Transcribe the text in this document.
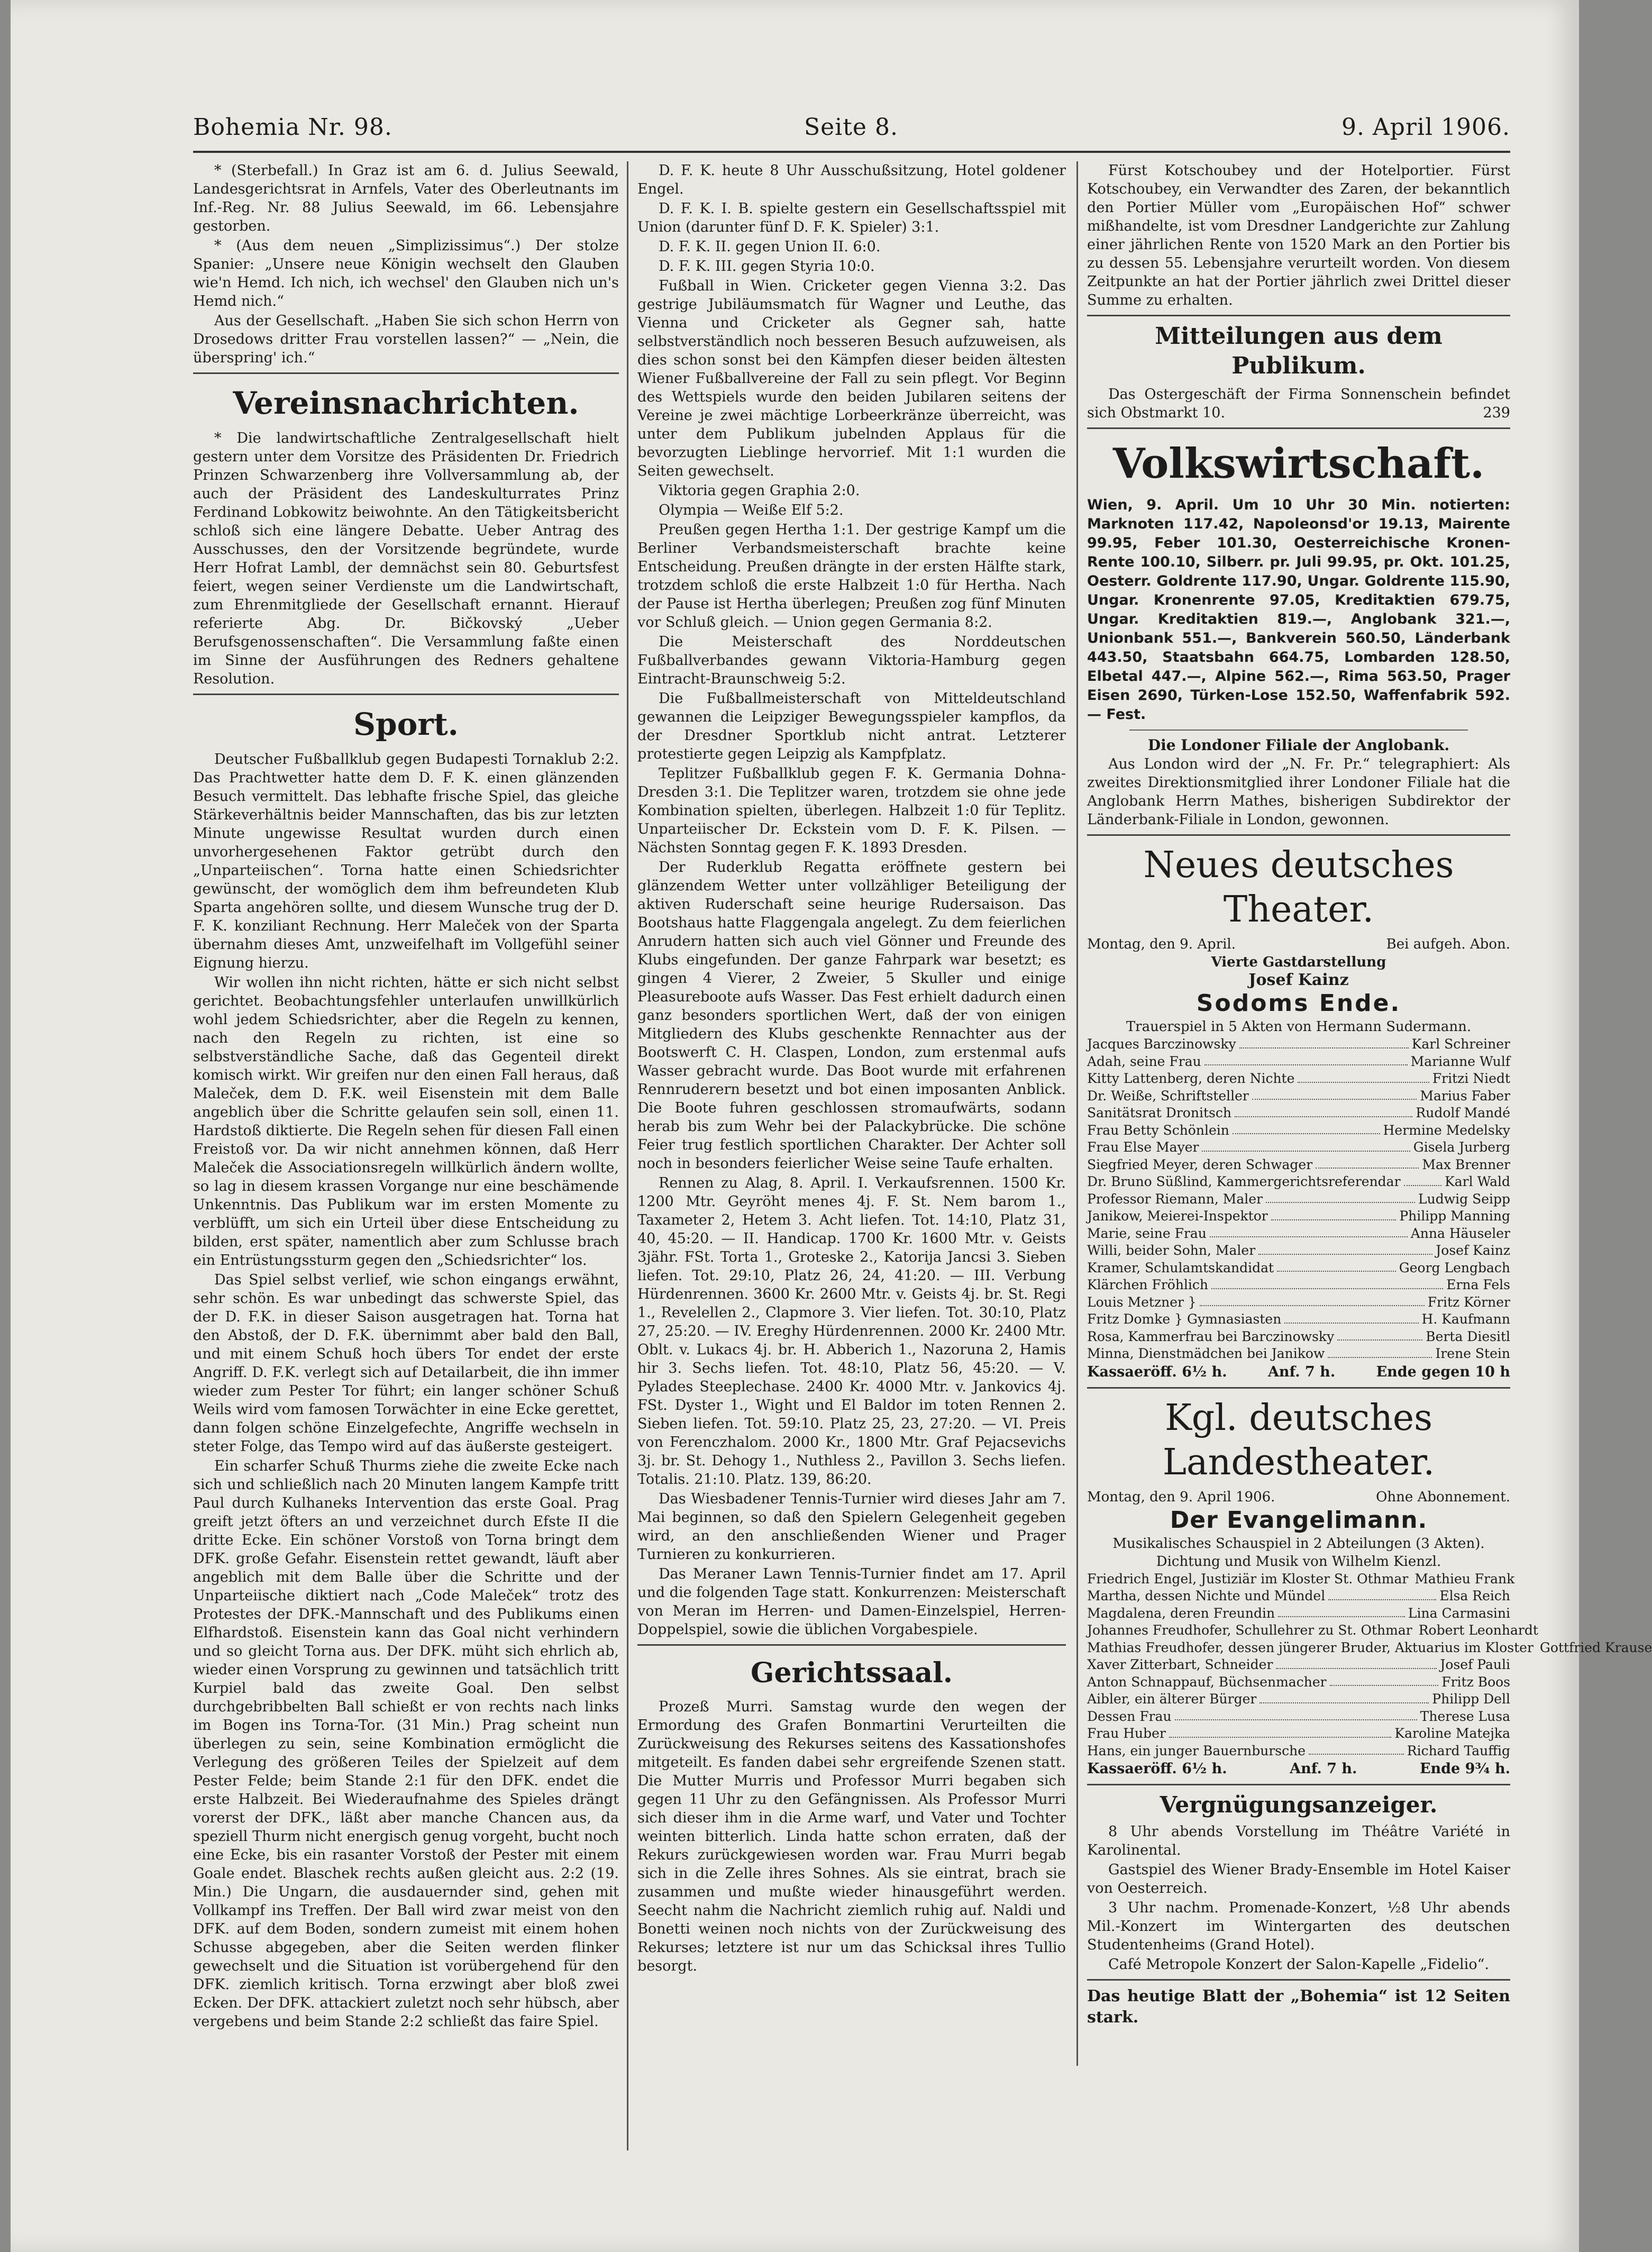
Bohemia Nr. 98.	Seite 8.	9. April 1906.

* (Sterbefall.) In Graz ist am 6. d. Julius Seewald, Landesgerichtsrat in Arnfels, Vater des Oberleutnants im Inf.-Reg. Nr. 88 Julius Seewald, im 66. Lebensjahre gestorben.

* (Aus dem neuen „Simplizissimus“.) Der stolze Spanier: „Unsere neue Königin wechselt den Glauben wie'n Hemd. Ich nich, ich wechsel' den Glauben nich un's Hemd nich.“

Aus der Gesellschaft. „Haben Sie sich schon Herrn von Drosedows dritter Frau vorstellen lassen?“ — „Nein, die überspring' ich.“

Vereinsnachrichten.

* Die landwirtschaftliche Zentralgesellschaft hielt gestern unter dem Vorsitze des Präsidenten Dr. Friedrich Prinzen Schwarzenberg ihre Vollversammlung ab, der auch der Präsident des Landeskulturrates Prinz Ferdinand Lobkowitz beiwohnte. An den Tätigkeitsbericht schloß sich eine längere Debatte. Ueber Antrag des Ausschusses, den der Vorsitzende begründete, wurde Herr Hofrat Lambl, der demnächst sein 80. Geburtsfest feiert, wegen seiner Verdienste um die Landwirtschaft, zum Ehrenmitgliede der Gesellschaft ernannt. Hierauf referierte Abg. Dr. Bičkovský „Ueber Berufsgenossenschaften“. Die Versammlung faßte einen im Sinne der Ausführungen des Redners gehaltene Resolution.

Sport.

Deutscher Fußballklub gegen Budapesti Tornaklub 2:2. Das Prachtwetter hatte dem D. F. K. einen glänzenden Besuch vermittelt. Das lebhafte frische Spiel, das gleiche Stärkeverhältnis beider Mannschaften, das bis zur letzten Minute ungewisse Resultat wurden durch einen unvorhergesehenen Faktor getrübt durch den „Unparteiischen“. Torna hatte einen Schiedsrichter gewünscht, der womöglich dem ihm befreundeten Klub Sparta angehören sollte, und diesem Wunsche trug der D. F. K. konziliant Rechnung. Herr Maleček von der Sparta übernahm dieses Amt, unzweifelhaft im Vollgefühl seiner Eignung hierzu.

Wir wollen ihn nicht richten, hätte er sich nicht selbst gerichtet. Beobachtungsfehler unterlaufen unwillkürlich wohl jedem Schiedsrichter, aber die Regeln zu kennen, nach den Regeln zu richten, ist eine so selbstverständliche Sache, daß das Gegenteil direkt komisch wirkt. Wir greifen nur den einen Fall heraus, daß Maleček, dem D. F.K. weil Eisenstein mit dem Balle angeblich über die Schritte gelaufen sein soll, einen 11. Hardstoß diktierte. Die Regeln sehen für diesen Fall einen Freistoß vor. Da wir nicht annehmen können, daß Herr Maleček die Associationsregeln willkürlich ändern wollte, so lag in diesem krassen Vorgange nur eine beschämende Unkenntnis. Das Publikum war im ersten Momente zu verblüfft, um sich ein Urteil über diese Entscheidung zu bilden, erst später, namentlich aber zum Schlusse brach ein Entrüstungssturm gegen den „Schiedsrichter“ los.

Das Spiel selbst verlief, wie schon eingangs erwähnt, sehr schön. Es war unbedingt das schwerste Spiel, das der D. F.K. in dieser Saison ausgetragen hat. Torna hat den Abstoß, der D. F.K. übernimmt aber bald den Ball, und mit einem Schuß hoch übers Tor endet der erste Angriff. D. F.K. verlegt sich auf Detailarbeit, die ihn immer wieder zum Pester Tor führt; ein langer schöner Schuß Weils wird vom famosen Torwächter in eine Ecke gerettet, dann folgen schöne Einzelgefechte, Angriffe wechseln in steter Folge, das Tempo wird auf das äußerste gesteigert.

Ein scharfer Schuß Thurms ziehe die zweite Ecke nach sich und schließlich nach 20 Minuten langem Kampfe tritt Paul durch Kulhaneks Intervention das erste Goal. Prag greift jetzt öfters an und verzeichnet durch Efste II die dritte Ecke. Ein schöner Vorstoß von Torna bringt dem DFK. große Gefahr. Eisenstein rettet gewandt, läuft aber angeblich mit dem Balle über die Schritte und der Unparteiische diktiert nach „Code Maleček“ trotz des Protestes der DFK.-Mannschaft und des Publikums einen Elfhardstoß. Eisenstein kann das Goal nicht verhindern und so gleicht Torna aus. Der DFK. müht sich ehrlich ab, wieder einen Vorsprung zu gewinnen und tatsächlich tritt Kurpiel bald das zweite Goal. Den selbst durchgebribbelten Ball schießt er von rechts nach links im Bogen ins Torna-Tor. (31 Min.) Prag scheint nun überlegen zu sein, seine Kombination ermöglicht die Verlegung des größeren Teiles der Spielzeit auf dem Pester Felde; beim Stande 2:1 für den DFK. endet die erste Halbzeit. Bei Wiederaufnahme des Spieles drängt vorerst der DFK., läßt aber manche Chancen aus, da speziell Thurm nicht energisch genug vorgeht, bucht noch eine Ecke, bis ein rasanter Vorstoß der Pester mit einem Goale endet. Blaschek rechts außen gleicht aus. 2:2 (19. Min.) Die Ungarn, die ausdauernder sind, gehen mit Vollkampf ins Treffen. Der Ball wird zwar meist von den DFK. auf dem Boden, sondern zumeist mit einem hohen Schusse abgegeben, aber die Seiten werden flinker gewechselt und die Situation ist vorübergehend für den DFK. ziemlich kritisch. Torna erzwingt aber bloß zwei Ecken. Der DFK. attackiert zuletzt noch sehr hübsch, aber vergebens und beim Stande 2:2 schließt das faire Spiel.

D. F. K. heute 8 Uhr Ausschußsitzung, Hotel goldener Engel.

D. F. K. I. B. spielte gestern ein Gesellschaftsspiel mit Union (darunter fünf D. F. K. Spieler) 3:1.

D. F. K. II. gegen Union II. 6:0.

D. F. K. III. gegen Styria 10:0.

Fußball in Wien. Cricketer gegen Vienna 3:2. Das gestrige Jubiläumsmatch für Wagner und Leuthe, das Vienna und Cricketer als Gegner sah, hatte selbstverständlich noch besseren Besuch aufzuweisen, als dies schon sonst bei den Kämpfen dieser beiden ältesten Wiener Fußballvereine der Fall zu sein pflegt. Vor Beginn des Wettspiels wurde den beiden Jubilaren seitens der Vereine je zwei mächtige Lorbeerkränze überreicht, was unter dem Publikum jubelnden Applaus für die bevorzugten Lieblinge hervorrief. Mit 1:1 wurden die Seiten gewechselt.

Viktoria gegen Graphia 2:0.

Olympia — Weiße Elf 5:2.

Preußen gegen Hertha 1:1. Der gestrige Kampf um die Berliner Verbandsmeisterschaft brachte keine Entscheidung. Preußen drängte in der ersten Hälfte stark, trotzdem schloß die erste Halbzeit 1:0 für Hertha. Nach der Pause ist Hertha überlegen; Preußen zog fünf Minuten vor Schluß gleich. — Union gegen Germania 8:2.

Die Meisterschaft des Norddeutschen Fußballverbandes gewann Viktoria-Hamburg gegen Eintracht-Braunschweig 5:2.

Die Fußballmeisterschaft von Mitteldeutschland gewannen die Leipziger Bewegungsspieler kampflos, da der Dresdner Sportklub nicht antrat. Letzterer protestierte gegen Leipzig als Kampfplatz.

Teplitzer Fußballklub gegen F. K. Germania Dohna-Dresden 3:1. Die Teplitzer waren, trotzdem sie ohne jede Kombination spielten, überlegen. Halbzeit 1:0 für Teplitz. Unparteiischer Dr. Eckstein vom D. F. K. Pilsen. — Nächsten Sonntag gegen F. K. 1893 Dresden.

Der Ruderklub Regatta eröffnete gestern bei glänzendem Wetter unter vollzähliger Beteiligung der aktiven Ruderschaft seine heurige Rudersaison. Das Bootshaus hatte Flaggengala angelegt. Zu dem feierlichen Anrudern hatten sich auch viel Gönner und Freunde des Klubs eingefunden. Der ganze Fahrpark war besetzt; es gingen 4 Vierer, 2 Zweier, 5 Skuller und einige Pleasureboote aufs Wasser. Das Fest erhielt dadurch einen ganz besonders sportlichen Wert, daß der von einigen Mitgliedern des Klubs geschenkte Rennachter aus der Bootswerft C. H. Claspen, London, zum erstenmal aufs Wasser gebracht wurde. Das Boot wurde mit erfahrenen Rennruderern besetzt und bot einen imposanten Anblick. Die Boote fuhren geschlossen stromaufwärts, sodann herab bis zum Wehr bei der Palackybrücke. Die schöne Feier trug festlich sportlichen Charakter. Der Achter soll noch in besonders feierlicher Weise seine Taufe erhalten.

Rennen zu Alag, 8. April. I. Verkaufsrennen. 1500 Kr. 1200 Mtr. Geyröht menes 4j. F. St. Nem barom 1., Taxameter 2, Hetem 3. Acht liefen. Tot. 14:10, Platz 31, 40, 45:20. — II. Handicap. 1700 Kr. 1600 Mtr. v. Geists 3jähr. FSt. Torta 1., Groteske 2., Katorija Jancsi 3. Sieben liefen. Tot. 29:10, Platz 26, 24, 41:20. — III. Verbung Hürdenrennen. 3600 Kr. 2600 Mtr. v. Geists 4j. br. St. Regi 1., Revelellen 2., Clapmore 3. Vier liefen. Tot. 30:10, Platz 27, 25:20. — IV. Ereghy Hürdenrennen. 2000 Kr. 2400 Mtr. Oblt. v. Lukacs 4j. br. H. Abberich 1., Nazoruna 2, Hamis hir 3. Sechs liefen. Tot. 48:10, Platz 56, 45:20. — V. Pylades Steeplechase. 2400 Kr. 4000 Mtr. v. Jankovics 4j. FSt. Dyster 1., Wight und El Baldor im toten Rennen 2. Sieben liefen. Tot. 59:10. Platz 25, 23, 27:20. — VI. Preis von Ferenczhalom. 2000 Kr., 1800 Mtr. Graf Pejacsevichs 3j. br. St. Dehogy 1., Nuthless 2., Pavillon 3. Sechs liefen. Totalis. 21:10. Platz. 139, 86:20.

Das Wiesbadener Tennis-Turnier wird dieses Jahr am 7. Mai beginnen, so daß den Spielern Gelegenheit gegeben wird, an den anschließenden Wiener und Prager Turnieren zu konkurrieren.

Das Meraner Lawn Tennis-Turnier findet am 17. April und die folgenden Tage statt. Konkurrenzen: Meisterschaft von Meran im Herren- und Damen-Einzelspiel, Herren-Doppelspiel, sowie die üblichen Vorgabespiele.

Gerichtssaal.

Prozeß Murri. Samstag wurde den wegen der Ermordung des Grafen Bonmartini Verurteilten die Zurückweisung des Rekurses seitens des Kassationshofes mitgeteilt. Es fanden dabei sehr ergreifende Szenen statt. Die Mutter Murris und Professor Murri begaben sich gegen 11 Uhr zu den Gefängnissen. Als Professor Murri sich dieser ihm in die Arme warf, und Vater und Tochter weinten bitterlich. Linda hatte schon erraten, daß der Rekurs zurückgewiesen worden war. Frau Murri begab sich in die Zelle ihres Sohnes. Als sie eintrat, brach sie zusammen und mußte wieder hinausgeführt werden. Seecht nahm die Nachricht ziemlich ruhig auf. Naldi und Bonetti weinen noch nichts von der Zurückweisung des Rekurses; letztere ist nur um das Schicksal ihres Tullio besorgt.

Fürst Kotschoubey und der Hotelportier. Fürst Kotschoubey, ein Verwandter des Zaren, der bekanntlich den Portier Müller vom „Europäischen Hof“ schwer mißhandelte, ist vom Dresdner Landgerichte zur Zahlung einer jährlichen Rente von 1520 Mark an den Portier bis zu dessen 55. Lebensjahre verurteilt worden. Von diesem Zeitpunkte an hat der Portier jährlich zwei Drittel dieser Summe zu erhalten.

Mitteilungen aus dem Publikum.

Das Ostergeschäft der Firma Sonnenschein befindet sich Obstmarkt 10.	239

Volkswirtschaft.

Wien, 9. April. Um 10 Uhr 30 Min. notierten: Marknoten 117.42, Napoleonsd'or 19.13, Mairente 99.95, Feber 101.30, Oesterreichische Kronen-Rente 100.10, Silberr. pr. Juli 99.95, pr. Okt. 101.25, Oesterr. Goldrente 117.90, Ungar. Goldrente 115.90, Ungar. Kronenrente 97.05, Kreditaktien 679.75, Ungar. Kreditaktien 819.—, Anglobank 321.—, Unionbank 551.—, Bankverein 560.50, Länderbank 443.50, Staatsbahn 664.75, Lombarden 128.50, Elbetal 447.—, Alpine 562.—, Rima 563.50, Prager Eisen 2690, Türken-Lose 152.50, Waffenfabrik 592.— Fest.

Die Londoner Filiale der Anglobank.

Aus London wird der „N. Fr. Pr.“ telegraphiert: Als zweites Direktionsmitglied ihrer Londoner Filiale hat die Anglobank Herrn Mathes, bisherigen Subdirektor der Länderbank-Filiale in London, gewonnen.

Neues deutsches Theater.
Montag, den 9. April.	Bei aufgeh. Abon.
Vierte Gastdarstellung
Josef Kainz
Sodoms Ende.
Trauerspiel in 5 Akten von Hermann Sudermann.
Jacques Barczinowsky	Karl Schreiner
Adah, seine Frau	Marianne Wulf
Kitty Lattenberg, deren Nichte	Fritzi Niedt
Dr. Weiße, Schriftsteller	Marius Faber
Sanitätsrat Dronitsch	Rudolf Mandé
Frau Betty Schönlein	Hermine Medelsky
Frau Else Mayer	Gisela Jurberg
Siegfried Meyer, deren Schwager	Max Brenner
Dr. Bruno Süßlind, Kammergerichtsreferendar	Karl Wald
Professor Riemann, Maler	Ludwig Seipp
Janikow, Meierei-Inspektor	Philipp Manning
Marie, seine Frau	Anna Häuseler
Willi, beider Sohn, Maler	Josef Kainz
Kramer, Schulamtskandidat	Georg Lengbach
Klärchen Fröhlich	Erna Fels
Louis Metzner }	Fritz Körner
Fritz Domke } Gymnasiasten	H. Kaufmann
Rosa, Kammerfrau bei Barczinowsky	Berta Diesitl
Minna, Dienstmädchen bei Janikow	Irene Stein
Kassaeröff. 6½ h.	Anf. 7 h.	Ende gegen 10 h
Kgl. deutsches Landestheater.
Montag, den 9. April 1906.	Ohne Abonnement.
Der Evangelimann.
Musikalisches Schauspiel in 2 Abteilungen (3 Akten). Dichtung und Musik von Wilhelm Kienzl.
Friedrich Engel, Justiziär im Kloster St. Othmar Mathieu Frank
Martha, dessen Nichte und Mündel	Elsa Reich
Magdalena, deren Freundin	Lina Carmasini
Johannes Freudhofer, Schullehrer zu St. Othmar Robert Leonhardt
Mathias Freudhofer, dessen jüngerer Bruder, Aktuarius im Kloster Gottfried Krause
Xaver Zitterbart, Schneider	Josef Pauli
Anton Schnappauf, Büchsenmacher	Fritz Boos
Aibler, ein älterer Bürger	Philipp Dell
Dessen Frau	Therese Lusa
Frau Huber	Karoline Matejka
Hans, ein junger Bauernbursche	Richard Tauffig
Kassaeröff. 6½ h.	Anf. 7 h.	Ende 9¾ h.
Vergnügungsanzeiger.

8 Uhr abends Vorstellung im Théâtre Variété in Karolinental.

Gastspiel des Wiener Brady-Ensemble im Hotel Kaiser von Oesterreich.

3 Uhr nachm. Promenade-Konzert, ½8 Uhr abends Mil.-Konzert im Wintergarten des deutschen Studentenheims (Grand Hotel).

Café Metropole Konzert der Salon-Kapelle „Fidelio“.

Das heutige Blatt der „Bohemia“ ist 12 Seiten stark.
